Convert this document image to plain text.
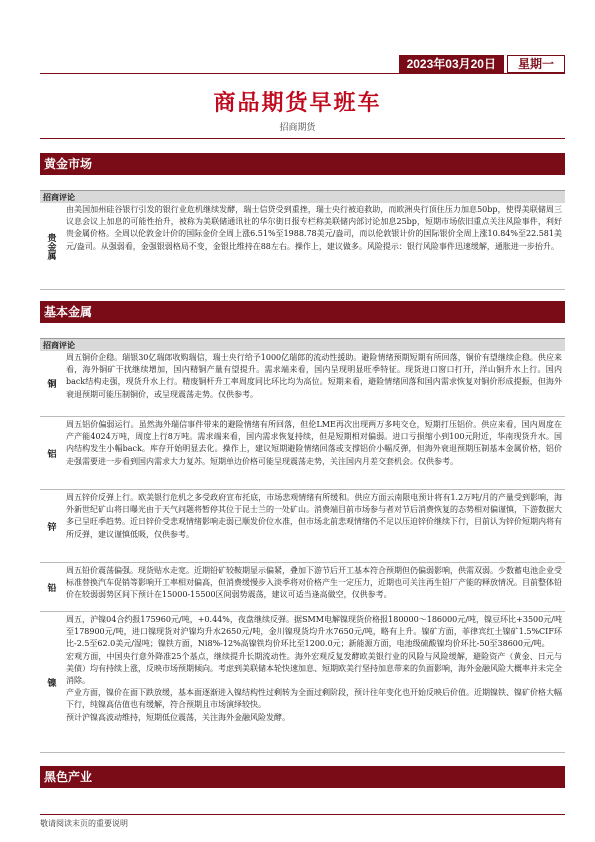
2023年03月20日	星期一
商品期货早班车
招商期货
黄金市场
招商评论
贵金属
由美国加州硅谷银行引发的银行业危机继续发酵，瑞士信贷受到重挫，瑞士央行被迫救助，而欧洲央行顶住压力加息50bp，使得美联储周三议息会议上加息的可能性抬升，被称为美联储通讯社的华尔街日报专栏称美联储内部讨论加息25bp，短期市场依旧重点关注风险事件，利好贵金属价格。全周以伦敦金计价的国际金价全周上涨6.51%至1988.78美元/盎司，而以伦敦银计价的国际银价全周上涨10.84%至22.581美元/盎司。从强弱看，金强银弱格局不变，金银比维持在88左右。操作上，建议做多。风险提示：银行风险事件迅速缓解，通胀进一步抬升。
基本金属
招商评论
铜
周五铜价企稳。瑞银30亿瑞郎收购瑞信，瑞士央行给予1000亿瑞郎的流动性援助。避险情绪预期短期有所回落，铜价有望继续企稳。供应来看，海外铜矿干扰继续增加，国内精铜产量有望提升。需求端来看，国内呈现明显旺季特征。现货进口窗口打开，洋山铜升水上行。国内back结构走强，现货升水上行。精废铜杆升工率周度同比环比均为高位。短期来看，避险情绪回落和国内需求恢复对铜价形成提振，但海外衰退预期可能压制铜价，或呈现震荡走势。仅供参考。
铝
周五铝价偏弱运行。虽然海外瑞信事件带来的避险情绪有所回落，但伦LME再次出现两万多吨交仓，短期打压铝价。供应来看，国内周度在产产能4024万吨，周度上行8万吨。需求端来看，国内需求恢复持续，但是短期相对偏弱。进口亏损缩小到100元附近，华南现货升水。国内结构发生小幅back。库存开始明显去化。操作上，建议短期避险情绪回落或支撑铝价小幅反弹，但海外衰退预期压制基本金属价格，铝价走强需要进一步看到国内需求大力复苏。短期单边价格可能呈现震荡走势，关注国内月差交套机会。仅供参考。
锌
周五锌价反弹上行。欧美银行危机之多受政府宣布托底，市场悲观情绪有所缓和。供应方面云南限电预计将有1.2万吨/月的产量受到影响，海外新世纪矿山将日曝光由于天气问题将暂停其位于昆士兰的一处矿山。消费端目前市场参与者对节后消费恢复的态势相对偏谨慎，下游数据大多已呈旺季趋势。近日锌价受悲观情绪影响走弱已顺发价位水准，但市场北前悲观情绪仍不足以压迫锌价继续下行，目前认为锌价短期内将有所反弹，建议谨慎低吸，仅供参考。
铅
周五铅价震荡偏强。现货贴水走宽。近期铅矿较鞍期显示偏紧，叠加下游节后开工基本符合预期但仍偏弱影响，供需双弱。少数蓄电池企业受标准替换汽车促销等影响开工率相对偏高，但消费缓慢步入淡季将对价格产生一定压力，近期也可关注再生铅厂产能的释放情况。目前整体铅价在较弱弱势区间下预计在15000-15500区间弱势震荡，建议可适当逢高做空，仅供参考。
镍

周五，沪镍04合约报175960元/吨，+0.44%，夜盘继续反弹。据SMM电解镍现货价格报180000～186000元/吨，镍豆环比+3500元/吨至178900元/吨，进口镍现货对沪镍均升水2650元/吨，金川镍现货均升水7650元/吨，略有上升。镍矿方面，菲律宾红土镍矿1.5%CIF环比-2.5至62.0美元/湿吨；镍铁方面，Ni8%-12%高镍铁均价环比至1200.0元；新能源方面，电池级硫酸镍均价环比-50至38600元/吨。

宏观方面，中国央行意外降准25个基点，继续提升长期流动性。海外宏观反复发酵欧美银行业的风险与风险缓解，避险资产（黄金、日元与美债）均有持续上涨，反映市场预期倾向。考虑到美联储本轮快速加息、短期欧美行坚持加息带来的负面影响，海外金融风险大概率并未完全消除。

产业方面，镍价在面下跌放缓，基本面逐渐进入镍结构性过剩转为全面过剩阶段，预计往年变化也开始反映后价值。近期镍铁、镍矿价格大幅下行，纯镍高估值也有缓解，符合预期且市场演绎较快。

预计沪镍高波动维持，短期低位震荡，关注海外金融风险发酵。

黑色产业
敬请阅读末页的重要说明
